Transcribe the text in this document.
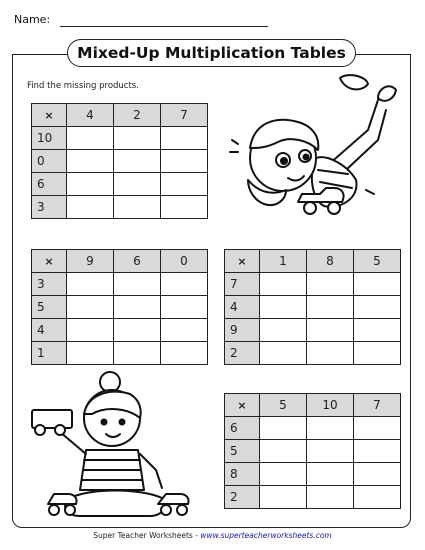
Name:
Mixed-Up Multiplication Tables
Find the missing products.
×	4	2	7
10			
0			
6			
3			
×	9	6	0
3			
5			
4			
1			
×	1	8	5
7			
4			
9			
2			
×	5	10	7
6			
5			
8			
2			
Super Teacher Worksheets - www.superteacherworksheets.com
